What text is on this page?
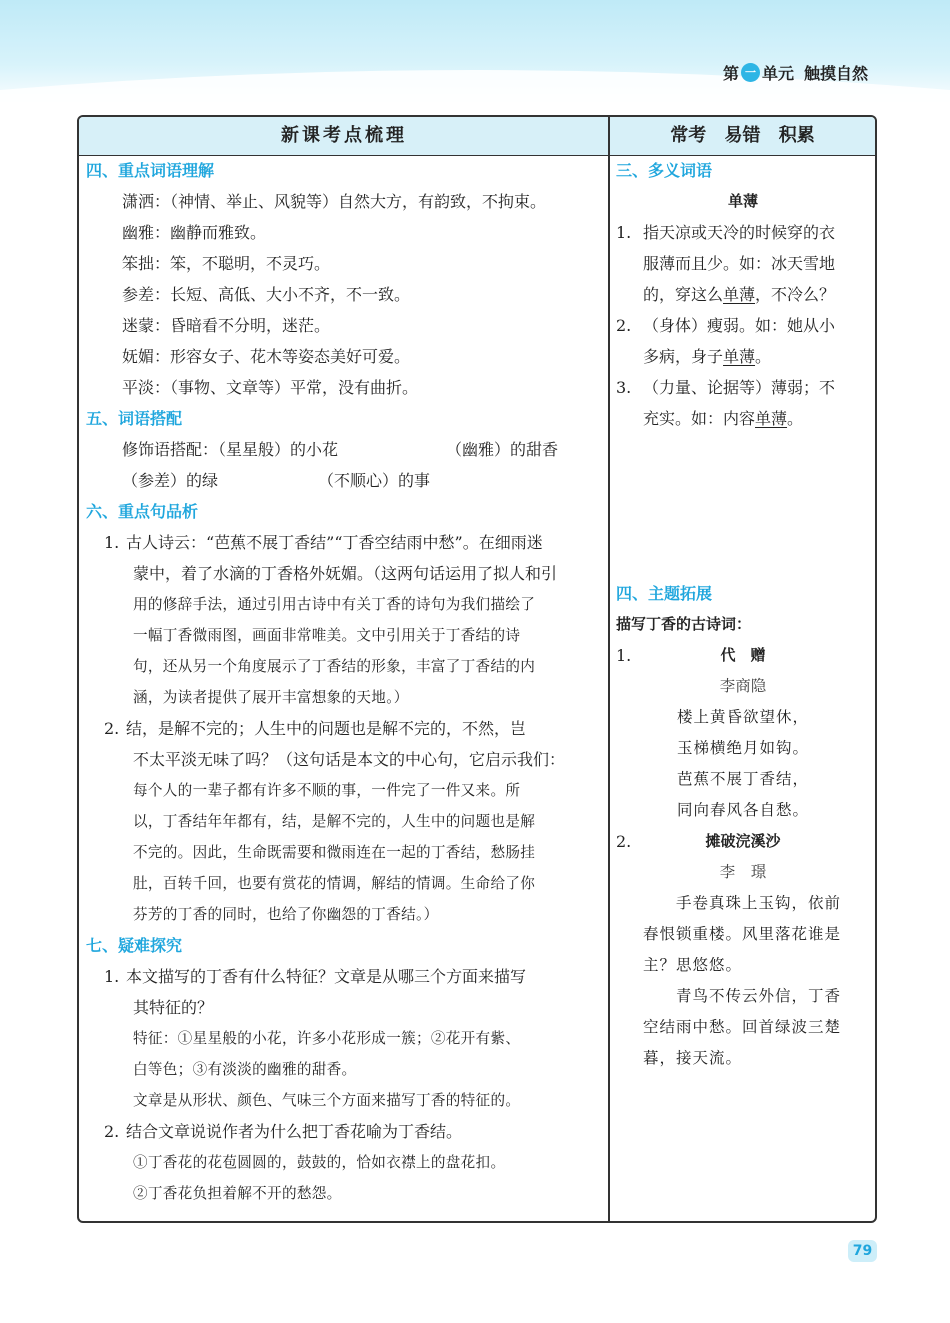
第 一 单元 触摸自然
新课考点梳理	常考 易错 积累
四、重点词语理解
潇洒：（神情、举止、风貌等）自然大方，有韵致，不拘束。
幽雅：幽静而雅致。
笨拙：笨，不聪明，不灵巧。
参差：长短、高低、大小不齐，不一致。
迷蒙：昏暗看不分明，迷茫。
妩媚：形容女子、花木等姿态美好可爱。
平淡：（事物、文章等）平常，没有曲折。
五、词语搭配
修饰语搭配：（星星般）的小花	（幽雅）的甜香
（参差）的绿	（不顺心）的事
六、重点句品析
1. 古人诗云：“芭蕉不展丁香结”“丁香空结雨中愁”。在细雨迷
蒙中，着了水滴的丁香格外妩媚。（这两句话运用了拟人和引
用的修辞手法，通过引用古诗中有关丁香的诗句为我们描绘了
一幅丁香微雨图，画面非常唯美。文中引用关于丁香结的诗
句，还从另一个角度展示了丁香结的形象，丰富了丁香结的内
涵，为读者提供了展开丰富想象的天地。）
2. 结，是解不完的；人生中的问题也是解不完的，不然，岂
不太平淡无味了吗？（这句话是本文的中心句，它启示我们：
每个人的一辈子都有许多不顺的事，一件完了一件又来。所
以，丁香结年年都有，结，是解不完的，人生中的问题也是解
不完的。因此，生命既需要和微雨连在一起的丁香结，愁肠挂
肚，百转千回，也要有赏花的情调，解结的情调。生命给了你
芬芳的丁香的同时，也给了你幽怨的丁香结。）
七、疑难探究
1. 本文描写的丁香有什么特征？文章是从哪三个方面来描写
其特征的？
特征：①星星般的小花，许多小花形成一簇；②花开有紫、
白等色；③有淡淡的幽雅的甜香。
文章是从形状、颜色、气味三个方面来描写丁香的特征的。
2. 结合文章说说作者为什么把丁香花喻为丁香结。
①丁香花的花苞圆圆的，鼓鼓的，恰如衣襟上的盘花扣。
②丁香花负担着解不开的愁怨。
三、多义词语
单薄
1. 指天凉或天冷的时候穿的衣
服薄而且少。如：冰天雪地
的，穿这么单薄，不冷么？
2. （身体）瘦弱。如：她从小
多病，身子单薄。
3. （力量、论据等）薄弱；不
充实。如：内容单薄。
四、主题拓展
描写丁香的古诗词：
1.	代　赠
李商隐
楼上黄昏欲望休，
玉梯横绝月如钩。
芭蕉不展丁香结，
同向春风各自愁。
2.	摊破浣溪沙
李　璟
手卷真珠上玉钩，依前
春恨锁重楼。风里落花谁是
主？思悠悠。
青鸟不传云外信，丁香
空结雨中愁。回首绿波三楚
暮，接天流。
79
